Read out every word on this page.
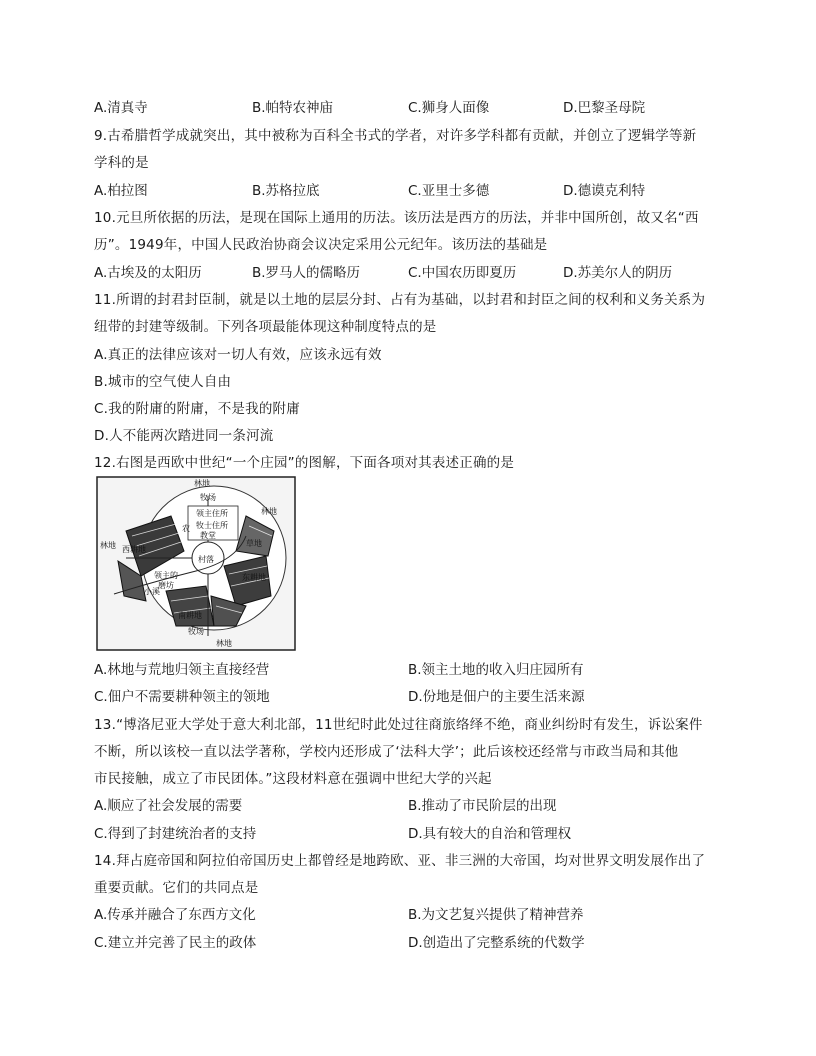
A.清真寺	B.帕特农神庙	C.狮身人面像	D.巴黎圣母院
9.古希腊哲学成就突出，其中被称为百科全书式的学者，对许多学科都有贡献，并创立了逻辑学等新
学科的是
A.柏拉图	B.苏格拉底	C.亚里士多德	D.德谟克利特
10.元旦所依据的历法，是现在国际上通用的历法。该历法是西方的历法，并非中国所创，故又名“西
历”。1949年，中国人民政治协商会议决定采用公元纪年。该历法的基础是
A.古埃及的太阳历	B.罗马人的儒略历	C.中国农历即夏历	D.苏美尔人的阴历
11.所谓的封君封臣制，就是以土地的层层分封、占有为基础，以封君和封臣之间的权利和义务关系为
纽带的封建等级制。下列各项最能体现这种制度特点的是
A.真正的法律应该对一切人有效，应该永远有效
B.城市的空气使人自由
C.我的附庸的附庸，不是我的附庸
D.人不能两次踏进同一条河流
12.右图是西欧中世纪“一个庄园”的图解，下面各项对其表述正确的是
林地
林地
林地
林地
牧场
牧场
领主住所
牧士住所
教堂
西耕地
南耕地
东耕地
村落
磨坊
小溪
领主的
草地
农
A.林地与荒地归领主直接经营	B.领主土地的收入归庄园所有
C.佃户不需要耕种领主的领地	D.份地是佃户的主要生活来源
13.“博洛尼亚大学处于意大利北部，11世纪时此处过往商旅络绎不绝，商业纠纷时有发生，诉讼案件
不断，所以该校一直以法学著称，学校内还形成了‘法科大学’；此后该校还经常与市政当局和其他
市民接触，成立了市民团体。”这段材料意在强调中世纪大学的兴起
A.顺应了社会发展的需要	B.推动了市民阶层的出现
C.得到了封建统治者的支持	D.具有较大的自治和管理权
14.拜占庭帝国和阿拉伯帝国历史上都曾经是地跨欧、亚、非三洲的大帝国，均对世界文明发展作出了
重要贡献。它们的共同点是
A.传承并融合了东西方文化	B.为文艺复兴提供了精神营养
C.建立并完善了民主的政体	D.创造出了完整系统的代数学
